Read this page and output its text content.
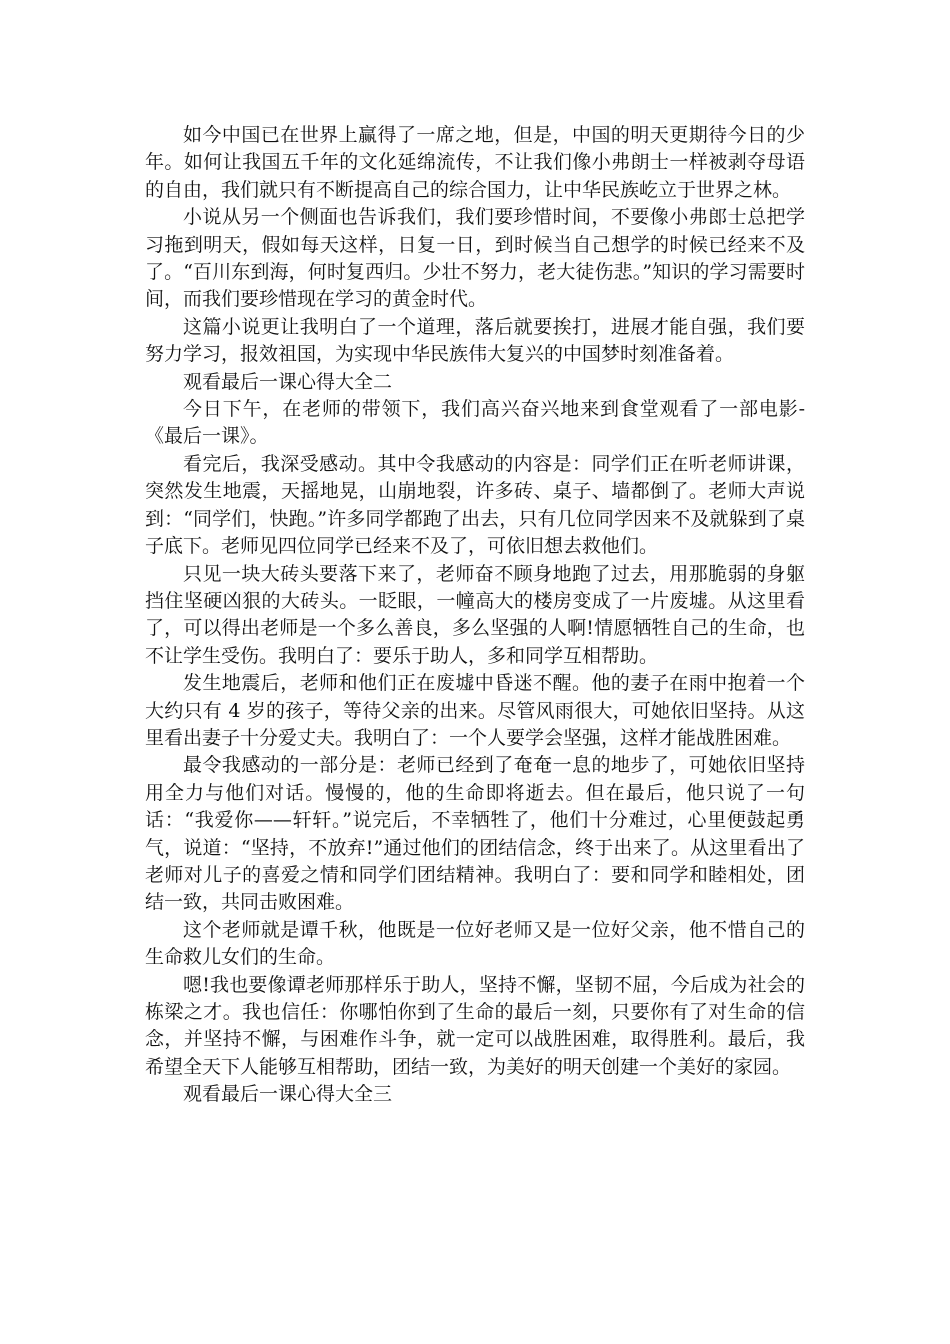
如今中国已在世界上赢得了一席之地，但是，中国的明天更期待今日的少年。如何让我国五千年的文化延绵流传，不让我们像小弗朗士一样被剥夺母语的自由，我们就只有不断提高自己的综合国力，让中华民族屹立于世界之林。

小说从另一个侧面也告诉我们，我们要珍惜时间，不要像小弗郎士总把学习拖到明天，假如每天这样，日复一日，到时候当自己想学的时候已经来不及了。“百川东到海，何时复西归。少壮不努力，老大徒伤悲。”知识的学习需要时间，而我们要珍惜现在学习的黄金时代。

这篇小说更让我明白了一个道理，落后就要挨打，进展才能自强，我们要努力学习，报效祖国，为实现中华民族伟大复兴的中国梦时刻准备着。

观看最后一课心得大全二

今日下午，在老师的带领下，我们高兴奋兴地来到食堂观看了一部电影-《最后一课》。

看完后，我深受感动。其中令我感动的内容是：同学们正在听老师讲课，突然发生地震，天摇地晃，山崩地裂，许多砖、桌子、墙都倒了。老师大声说到：“同学们，快跑。”许多同学都跑了出去，只有几位同学因来不及就躲到了桌子底下。老师见四位同学已经来不及了，可依旧想去救他们。

只见一块大砖头要落下来了，老师奋不顾身地跑了过去，用那脆弱的身躯挡住坚硬凶狠的大砖头。一眨眼，一幢高大的楼房变成了一片废墟。从这里看了，可以得出老师是一个多么善良，多么坚强的人啊!情愿牺牲自己的生命，也不让学生受伤。我明白了：要乐于助人，多和同学互相帮助。

发生地震后，老师和他们正在废墟中昏迷不醒。他的妻子在雨中抱着一个大约只有 4 岁的孩子，等待父亲的出来。尽管风雨很大，可她依旧坚持。从这里看出妻子十分爱丈夫。我明白了：一个人要学会坚强，这样才能战胜困难。

最令我感动的一部分是：老师已经到了奄奄一息的地步了，可她依旧坚持用全力与他们对话。慢慢的，他的生命即将逝去。但在最后，他只说了一句话：“我爱你——轩轩。”说完后，不幸牺牲了，他们十分难过，心里便鼓起勇气，说道：“坚持，不放弃!”通过他们的团结信念，终于出来了。从这里看出了老师对儿子的喜爱之情和同学们团结精神。我明白了：要和同学和睦相处，团结一致，共同击败困难。

这个老师就是谭千秋，他既是一位好老师又是一位好父亲，他不惜自己的生命救儿女们的生命。

嗯!我也要像谭老师那样乐于助人，坚持不懈，坚韧不屈，今后成为社会的栋梁之才。我也信任：你哪怕你到了生命的最后一刻，只要你有了对生命的信念，并坚持不懈，与困难作斗争，就一定可以战胜困难，取得胜利。最后，我希望全天下人能够互相帮助，团结一致，为美好的明天创建一个美好的家园。

观看最后一课心得大全三
